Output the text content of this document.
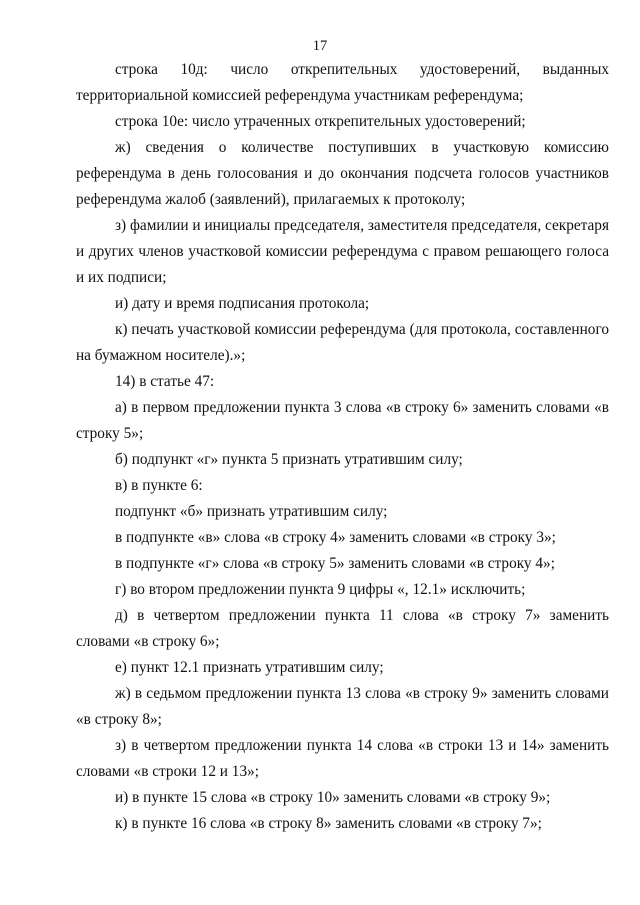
17

строка 10д: число открепительных удостоверений, выданных территориальной комиссией референдума участникам референдума;

строка 10е: число утраченных открепительных удостоверений;

ж) сведения о количестве поступивших в участковую комиссию референдума в день голосования и до окончания подсчета голосов участников референдума жалоб (заявлений), прилагаемых к протоколу;

з) фамилии и инициалы председателя, заместителя председателя, секретаря и других членов участковой комиссии референдума с правом решающего голоса и их подписи;

и) дату и время подписания протокола;

к) печать участковой комиссии референдума (для протокола, составленного на бумажном носителе).»;

14) в статье 47:

а) в первом предложении пункта 3 слова «в строку 6» заменить словами «в строку 5»;

б) подпункт «г» пункта 5 признать утратившим силу;

в) в пункте 6:

подпункт «б» признать утратившим силу;

в подпункте «в» слова «в строку 4» заменить словами «в строку 3»;

в подпункте «г» слова «в строку 5» заменить словами «в строку 4»;

г) во втором предложении пункта 9 цифры «, 12.1» исключить;

д) в четвертом предложении пункта 11 слова «в строку 7» заменить словами «в строку 6»;

е) пункт 12.1 признать утратившим силу;

ж) в седьмом предложении пункта 13 слова «в строку 9» заменить словами «в строку 8»;

з) в четвертом предложении пункта 14 слова «в строки 13 и 14» заменить словами «в строки 12 и 13»;

и) в пункте 15 слова «в строку 10» заменить словами «в строку 9»;

к) в пункте 16 слова «в строку 8» заменить словами «в строку 7»;
